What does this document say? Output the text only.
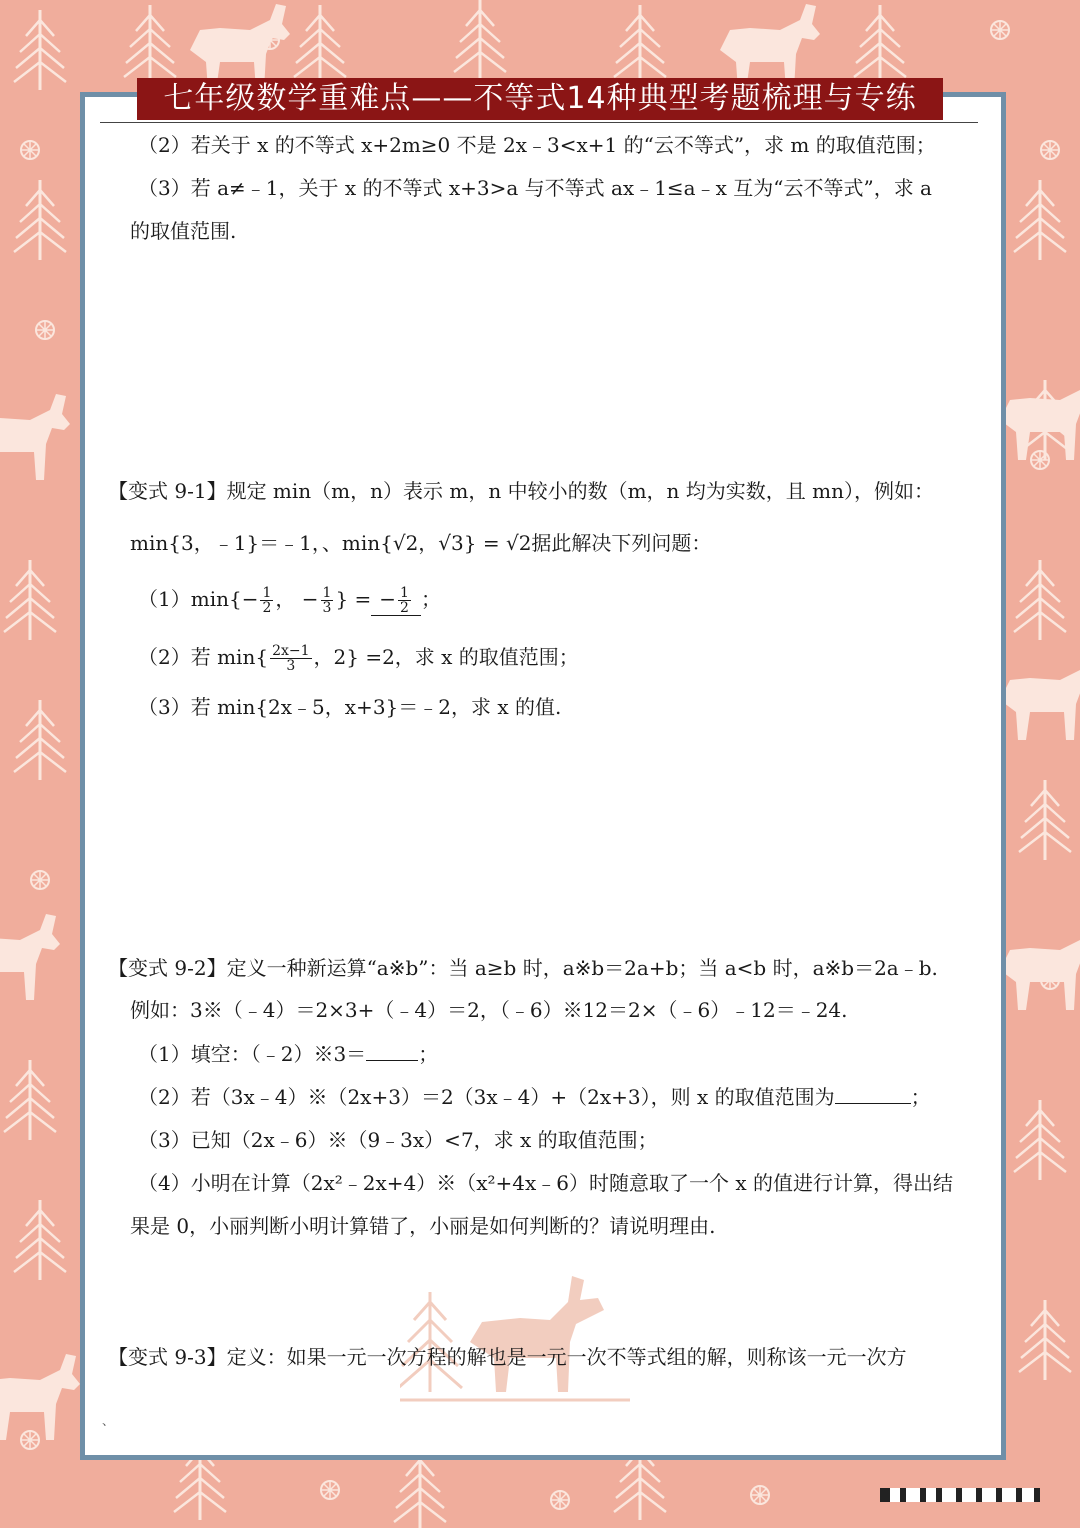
七年级数学重难点——不等式14种典型考题梳理与专练
（2）若关于 x 的不等式 x+2m≥0 不是 2x﹣3<x+1 的“云不等式”，求 m 的取值范围；
（3）若 a≠﹣1，关于 x 的不等式 x+3>a 与不等式 ax﹣1≤a﹣x 互为“云不等式”，求 a
的取值范围.
【变式 9-1】规定 min（m，n）表示 m，n 中较小的数（m，n 均为实数，且 mn），例如：
min{3，﹣1}＝﹣1，、min{√2，√3} = √2据此解决下列问题：
$(1)\min\{- \frac{1}{2}$ ， − $\frac{1}{3}$ } = − $\frac{1}{2}$ ；
（2）若 $\min\{ \frac{2x-1}{3}$ ，2} =2，求 x 的取值范围；
（3）若 min{2x﹣5，x+3}＝﹣2，求 x 的值.
【变式 9-2】定义一种新运算“a※b”：当 a≥b 时，a※b＝2a+b；当 a<b 时，a※b＝2a﹣b.
例如：3※（﹣4）＝2×3+（﹣4）＝2，（﹣6）※12＝2×（﹣6）﹣12＝﹣24.
（1）填空：（﹣2）※3＝	；
（2）若（3x﹣4）※（2x+3）＝2（3x﹣4）+（2x+3），则 x 的取值范围为	；
（3）已知（2x﹣6）※（9﹣3x）<7，求 x 的取值范围；
（4）小明在计算（2x²﹣2x+4）※（x²+4x﹣6）时随意取了一个 x 的值进行计算，得出结
果是 0，小丽判断小明计算错了，小丽是如何判断的？请说明理由.
【变式 9-3】定义：如果一元一次方程的解也是一元一次不等式组的解，则称该一元一次方
、
